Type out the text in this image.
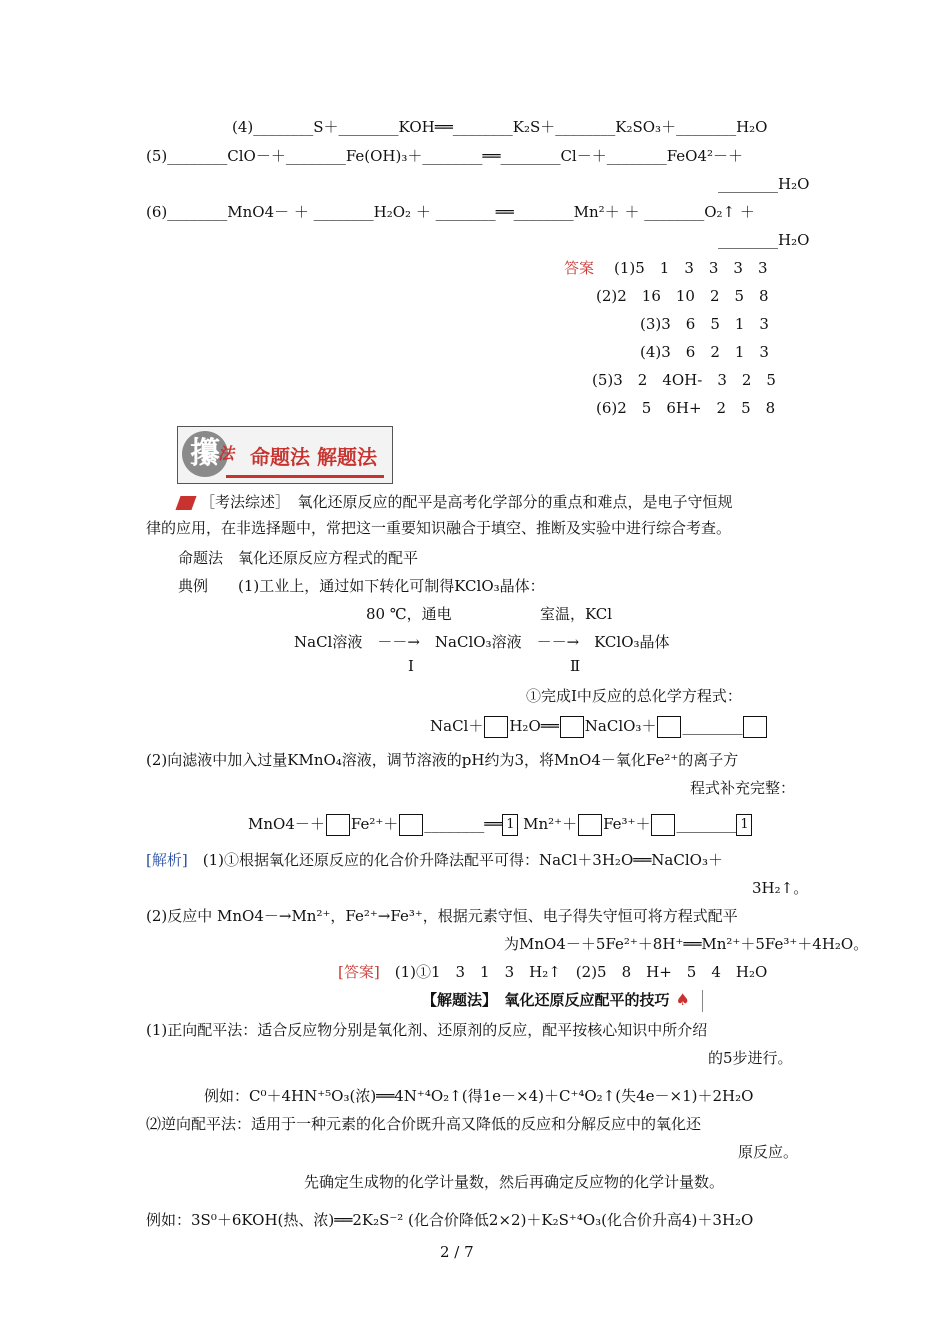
(4)________S＋________KOH══________K₂S＋________K₂SO₃＋________H₂O
(5)________ClO－＋________Fe(OH)₃＋________══________Cl－＋________FeO4²－＋
________H₂O
(6)________MnO4－ ＋ ________H₂O₂ ＋ ________══________Mn²＋ ＋ ________O₂↑ ＋
________H₂O
答案 (1)5　1　3　3　3　3
(2)2　16　10　2　5　8
(3)3　6　5　1　3
(4)3　6　2　1　3
(5)3　2　4OH-　3　2　5
(6)2　5　6H+　2　5　8
攥
法 命题法 解题法
［考法综述］　氧化还原反应的配平是高考化学部分的重点和难点，是电子守恒规
律的应用，在非选择题中，常把这一重要知识融合于填空、推断及实验中进行综合考查。
命题法　氧化还原反应方程式的配平
典例　　(1)工业上，通过如下转化可制得KClO₃晶体：
80 ℃，通电	室温，KCl
NaCl溶液　－－→　NaClO₃溶液　－－→　KClO₃晶体
Ⅰ	Ⅱ
①完成Ⅰ中反应的总化学方程式：
NaCl＋ H₂O══ NaClO₃＋ ________
(2)向滤液中加入过量KMnO₄溶液，调节溶液的pH约为3，将MnO4－氧化Fe²⁺的离子方
程式补充完整：
MnO4－＋ Fe²⁺＋ ________══ 1 Mn²⁺＋ Fe³⁺＋ ________ 1
[解析]　(1)①根据氧化还原反应的化合价升降法配平可得：NaCl＋3H₂O══NaClO₃＋
3H₂↑。
(2)反应中 MnO4－→Mn²⁺，Fe²⁺→Fe³⁺，根据元素守恒、电子得失守恒可将方程式配平
为MnO4－＋5Fe²⁺＋8H⁺══Mn²⁺＋5Fe³⁺＋4H₂O。
[答案]　(1)①1　3　1　3　H₂↑　(2)5　8　H+　5　4　H₂O
【解题法】　氧化还原反应配平的技巧 ♠
(1)正向配平法：适合反应物分别是氧化剂、还原剂的反应，配平按核心知识中所介绍
的5步进行。
例如：C⁰＋4HN⁺⁵O₃(浓)══4N⁺⁴O₂↑(得1e－×4)＋C⁺⁴O₂↑(失4e－×1)＋2H₂O
⑵逆向配平法：适用于一种元素的化合价既升高又降低的反应和分解反应中的氧化还
原反应。
先确定生成物的化学计量数，然后再确定反应物的化学计量数。
例如：3S⁰＋6KOH(热、浓)══2K₂S⁻² (化合价降低2×2)＋K₂S⁺⁴O₃(化合价升高4)＋3H₂O
2 / 7
